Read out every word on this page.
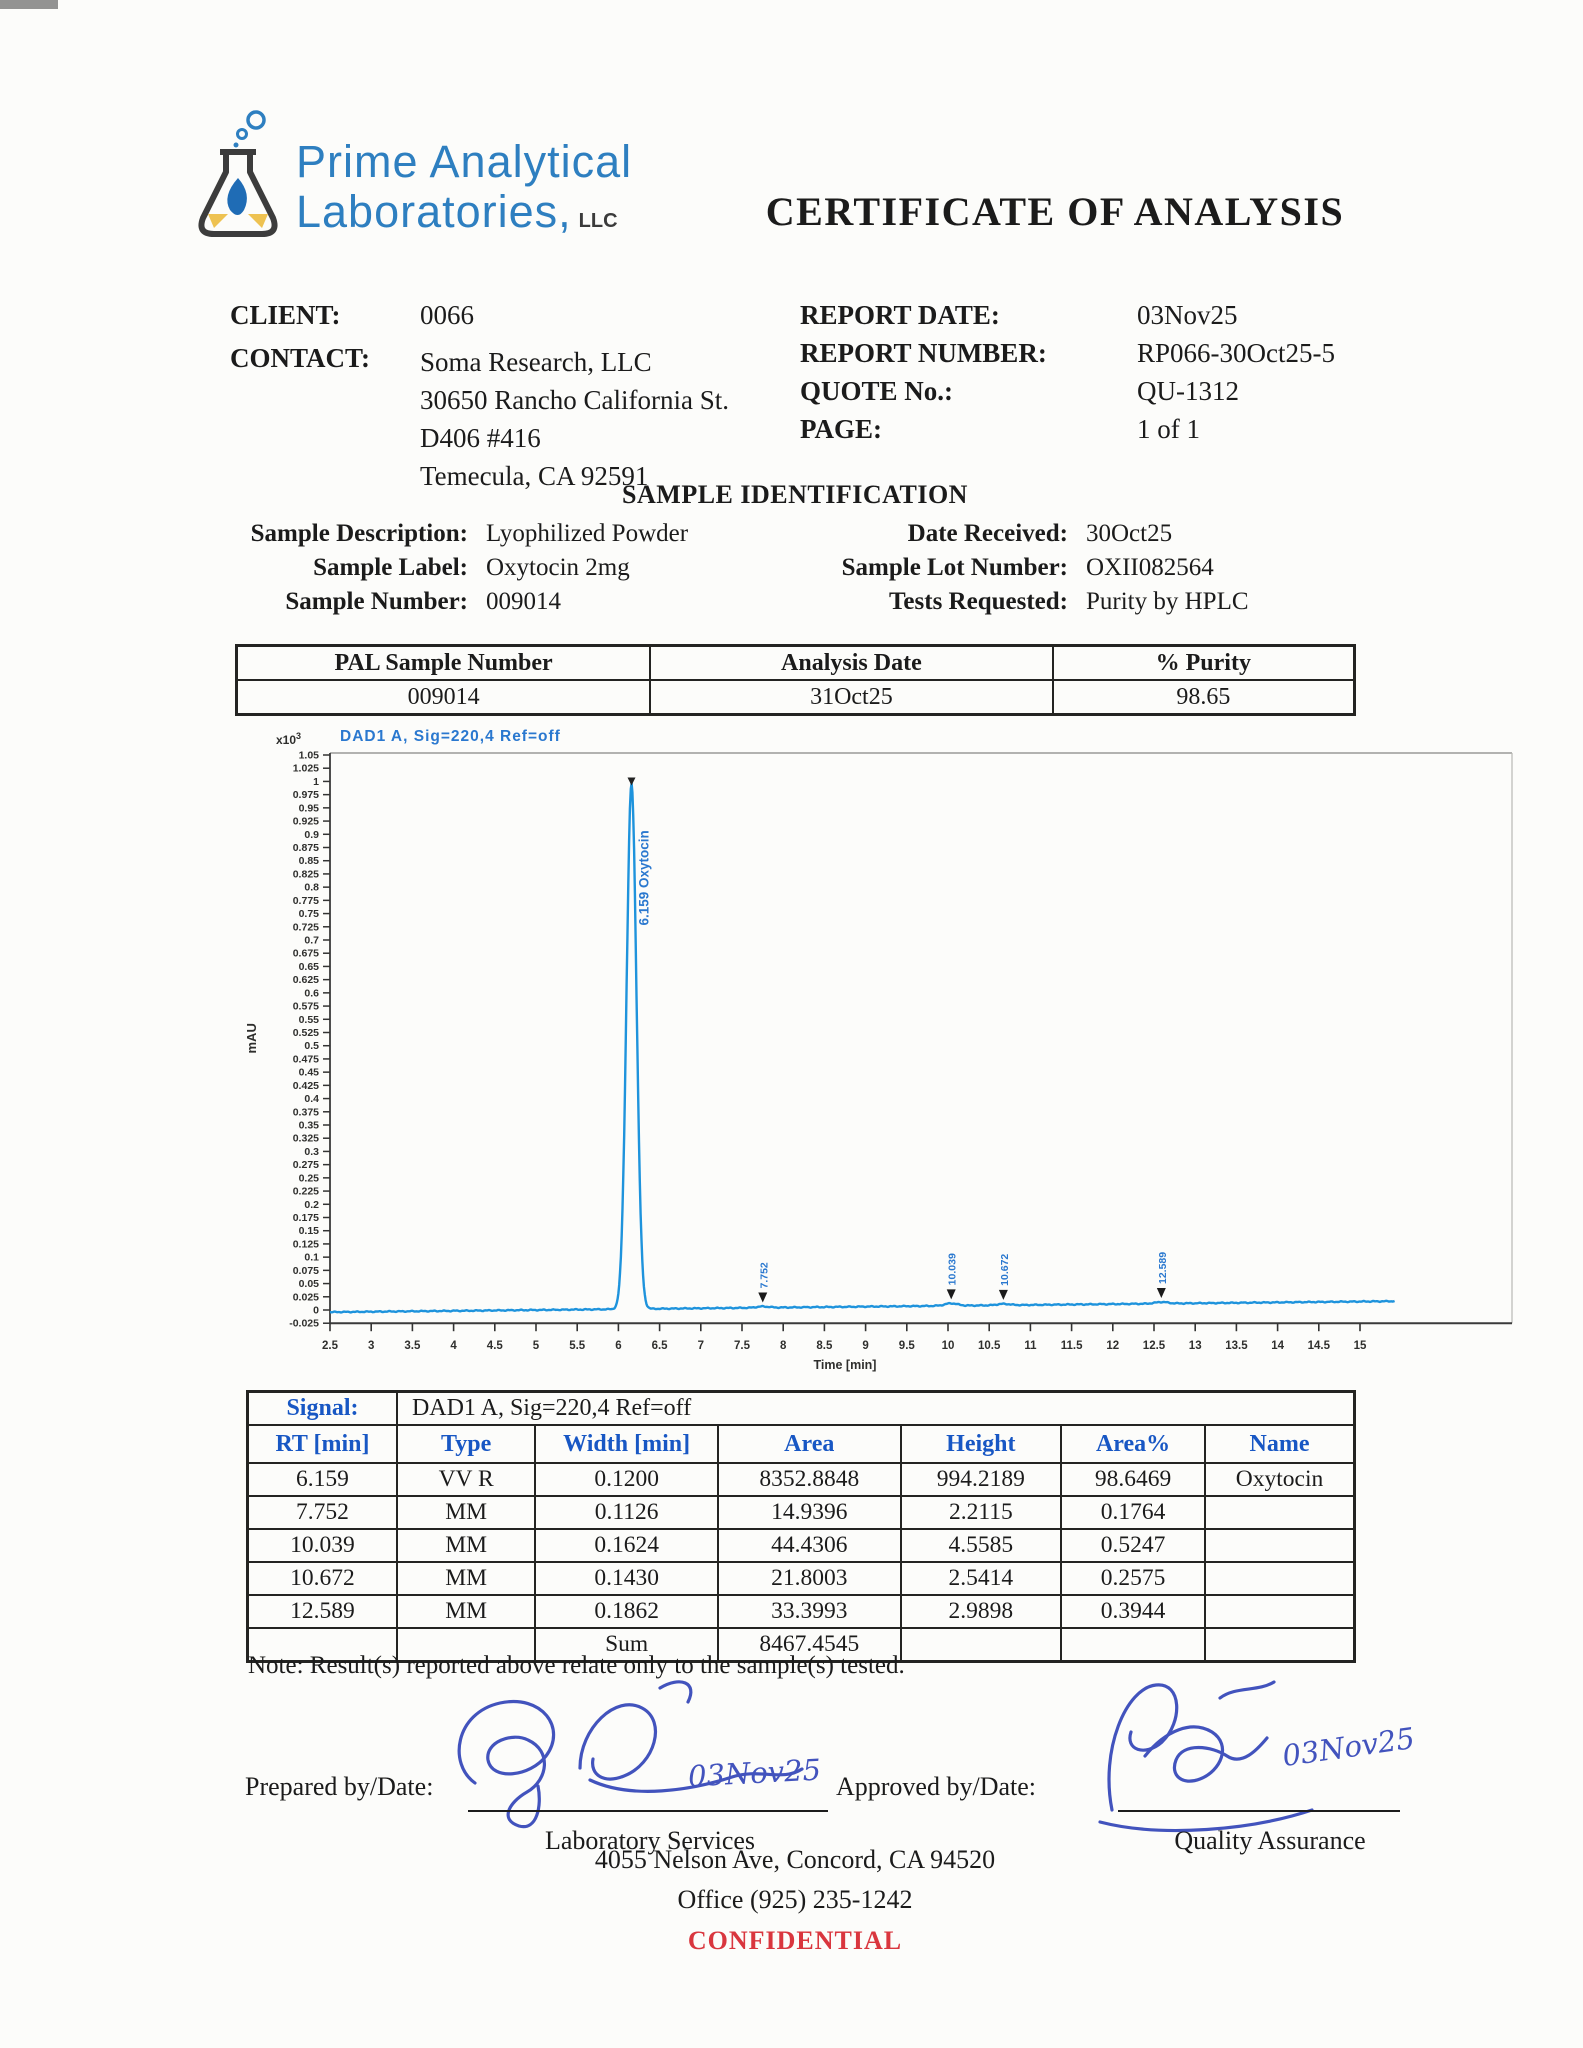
Prime Analytical
Laboratories, LLC	CERTIFICATE OF ANALYSIS
CLIENT:	0066
CONTACT: Soma Research, LLC
30650 Rancho California St.
D406 #416
Temecula, CA 92591
REPORT DATE:	03Nov25
REPORT NUMBER:	RP066-30Oct25-5
QUOTE No.:	QU-1312
PAGE:	1 of 1
SAMPLE IDENTIFICATION
Sample Description: Lyophilized Powder
Sample Label: Oxytocin 2mg
Sample Number: 009014
Date Received: 30Oct25
Sample Lot Number: OXII082564
Tests Requested: Purity by HPLC
PAL Sample Number	Analysis Date	% Purity
009014	31Oct25	98.65
DAD1 A, Sig=220,4 Ref=off
$x10^3$
mAU
1.05
1.025
1
0.975
0.95
0.925
0.9
0.875
0.85
0.825
0.8
0.775
0.75
0.725
0.7
0.675
0.65
0.625
0.6
0.575
0.55
0.525
0.5
0.475
0.45
0.425
0.4
0.375
0.35
0.325
0.3
0.275
0.25
0.225
0.2
0.175
0.15
0.125
0.1
0.075
0.05
0.025
0
-0.025
2.5	3	3.5	4	4.5	5	5.5	6	6.5	7	7.5	8	8.5	9	9.5 10 10.5 11 11.5 12 12.5 13 13.5 14 14.5 15
Time [min]
6.159 Oxytocin
7.752	10.039	10.672	12.589
Signal:	DAD1 A, Sig=220,4 Ref=off					
RT [min]	Type	Width [min]	Area	Height	Area%	Name
6.159	VV R	0.1200	8352.8848	994.2189	98.6469	Oxytocin
7.752	MM	0.1126	14.9396	2.2115	0.1764	
10.039	MM	0.1624	44.4306	4.5585	0.5247	
10.672	MM	0.1430	21.8003	2.5414	0.2575	
12.589	MM	0.1862	33.3993	2.9898	0.3944	
		Sum	8467.4545			
Note: Result(s) reported above relate only to the sample(s) tested.
Prepared by/Date:	03Nov25
Laboratory Services
Approved by/Date:
03Nov25
Quality Assurance
4055 Nelson Ave, Concord, CA 94520
Office (925) 235-1242
CONFIDENTIAL
